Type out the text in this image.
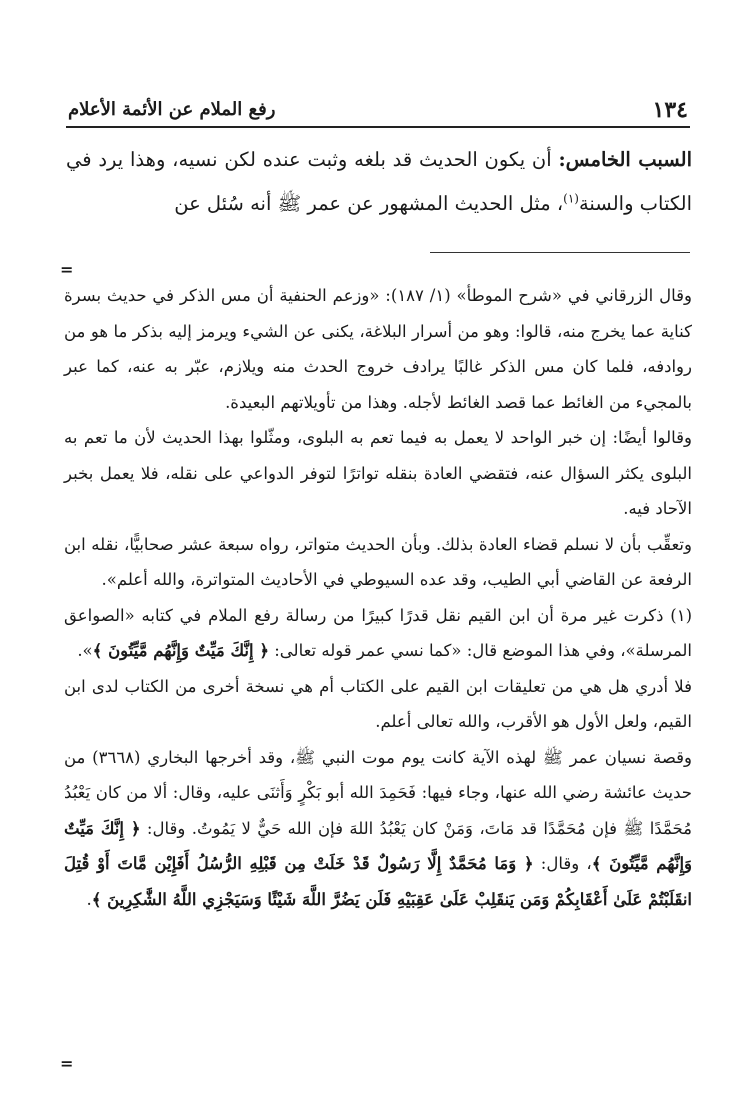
١٣٤
رفع الملام عن الأئمة الأعلام

السبب الخامس: أن يكون الحديث قد بلغه وثبت عنده لكن نسيه، وهذا يرد في الكتاب والسنة$^{(١)}$، مثل الحديث المشهور عن عمر ﷺ أنه سُئل عن

=

وقال الزرقاني في «شرح الموطأ» (١/ ١٨٧): «وزعم الحنفية أن مس الذكر في حديث بسرة كناية عما يخرج منه، قالوا: وهو من أسرار البلاغة، يكنى عن الشيء ويرمز إليه بذكر ما هو من روادفه، فلما كان مس الذكر غالبًا يرادف خروج الحدث منه ويلازم، عبّر به عنه، كما عبر بالمجيء من الغائط عما قصد الغائط لأجله. وهذا من تأويلاتهم البعيدة.

وقالوا أيضًا: إن خبر الواحد لا يعمل به فيما تعم به البلوى، ومثّلوا بهذا الحديث لأن ما تعم به البلوى يكثر السؤال عنه، فتقضي العادة بنقله تواترًا لتوفر الدواعي على نقله، فلا يعمل بخبر الآحاد فيه.

وتعقِّب بأن لا نسلم قضاء العادة بذلك. وبأن الحديث متواتر، رواه سبعة عشر صحابيًّا، نقله ابن الرفعة عن القاضي أبي الطيب، وقد عده السيوطي في الأحاديث المتواترة، والله أعلم».

(١) ذكرت غير مرة أن ابن القيم نقل قدرًا كبيرًا من رسالة رفع الملام في كتابه «الصواعق المرسلة»، وفي هذا الموضع قال: «كما نسي عمر قوله تعالى: ﴿ إِنَّكَ مَيِّتٌ وَإِنَّهُم مَّيِّتُونَ ﴾».

فلا أدري هل هي من تعليقات ابن القيم على الكتاب أم هي نسخة أخرى من الكتاب لدى ابن القيم، ولعل الأول هو الأقرب، والله تعالى أعلم.

وقصة نسيان عمر ﷺ لهذه الآية كانت يوم موت النبي ﷺ، وقد أخرجها البخاري (٣٦٦٨) من حديث عائشة رضي الله عنها، وجاء فيها: فَحَمِدَ الله أبو بَكْرٍ وَأَثنَى عليه، وقال: ألا من كان يَعْبُدُ مُحَمَّدًا ﷺ فإن مُحَمَّدًا قد مَاتَ، وَمَنْ كان يَعْبُدُ اللهَ فإن الله حَيٌّ لا يَمُوتُ. وقال: ﴿ إِنَّكَ مَيِّتٌ وَإِنَّهُم مَّيِّتُونَ ﴾، وقال: ﴿ وَمَا مُحَمَّدٌ إِلَّا رَسُولٌ قَدْ خَلَتْ مِن قَبْلِهِ الرُّسُلُ أَفَإِيْن مَّاتَ أَوْ قُتِلَ انقَلَبْتُمْ عَلَىٰ أَعْقَابِكُمْ وَمَن يَنقَلِبْ عَلَىٰ عَقِبَيْهِ فَلَن يَضُرَّ اللَّهَ شَيْئًا وَسَيَجْزِي اللَّهُ الشَّٰكِرِينَ ﴾.

=
